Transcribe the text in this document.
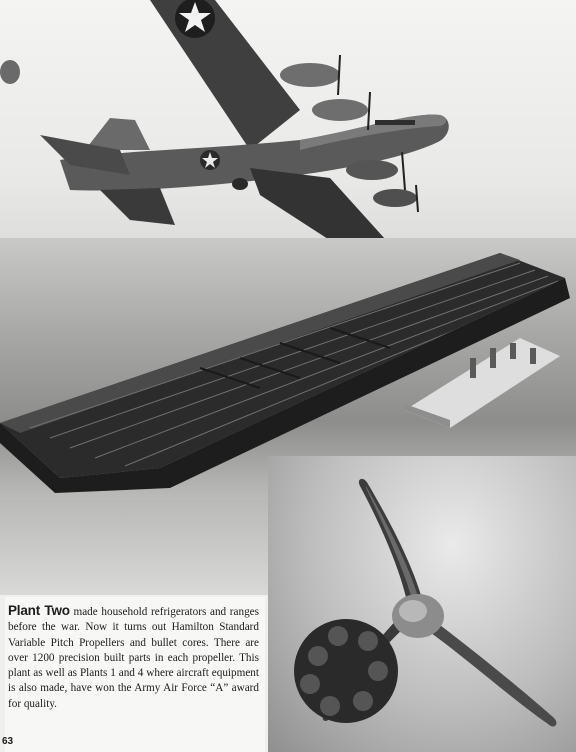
Plant Two made household refrigerators and ranges before the war. Now it turns out Hamilton Standard Variable Pitch Propellers and bullet cores. There are over 1200 precision built parts in each propeller. This plant as well as Plants 1 and 4 where aircraft equipment is also made, have won the Army Air Force “A” award for quality.

63
